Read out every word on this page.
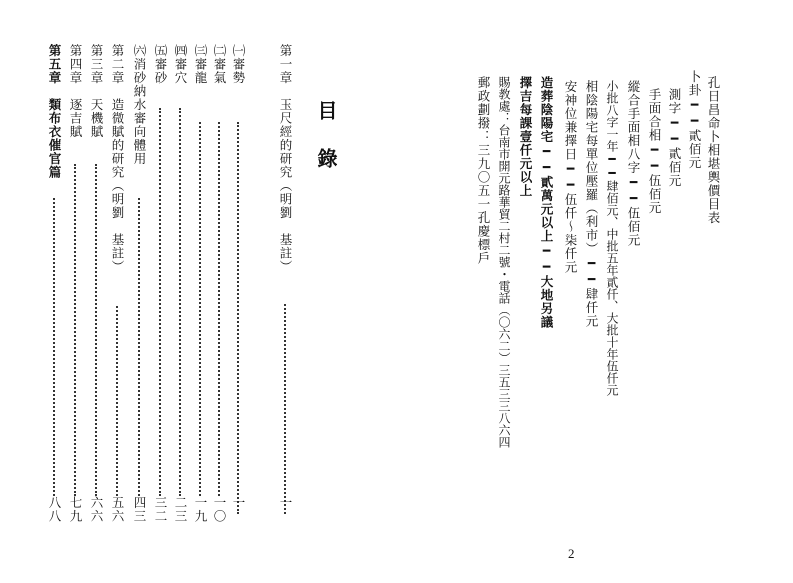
目錄
第一章　玉尺經的研究（明劉　基註）
一
㈠審勢
一
㈡審氣
一〇
㈢審龍
一九
㈣審穴
二三
㈤審砂
三二
㈥消砂納水審向體用
四三
第二章　造微賦的研究（明劉　基註）
五六
第三章　天機賦
六六
第四章　逐吉賦
七九
第五章　類布衣催官篇
八八
孔日昌命卜相堪輿價目表
卜卦━━貳佰元
測字━━貳佰元
手面合相━━伍佰元
縱合手面相八字━━伍佰元
小批八字一年━━肆佰元、中批五年貳仟、大批十年伍仟元
相陰陽宅每單位壓羅（利市）━━肆仟元
安神位兼擇日━━伍仟～柒仟元
造葬陰陽宅━━貳萬元以上━━大地另議
擇吉每課壹仟元以上
賜教處：台南市開元路華貿二村二號・電話（〇六二）三五三三八六四
郵政劃撥：三九〇五一孔慶標戶
2
